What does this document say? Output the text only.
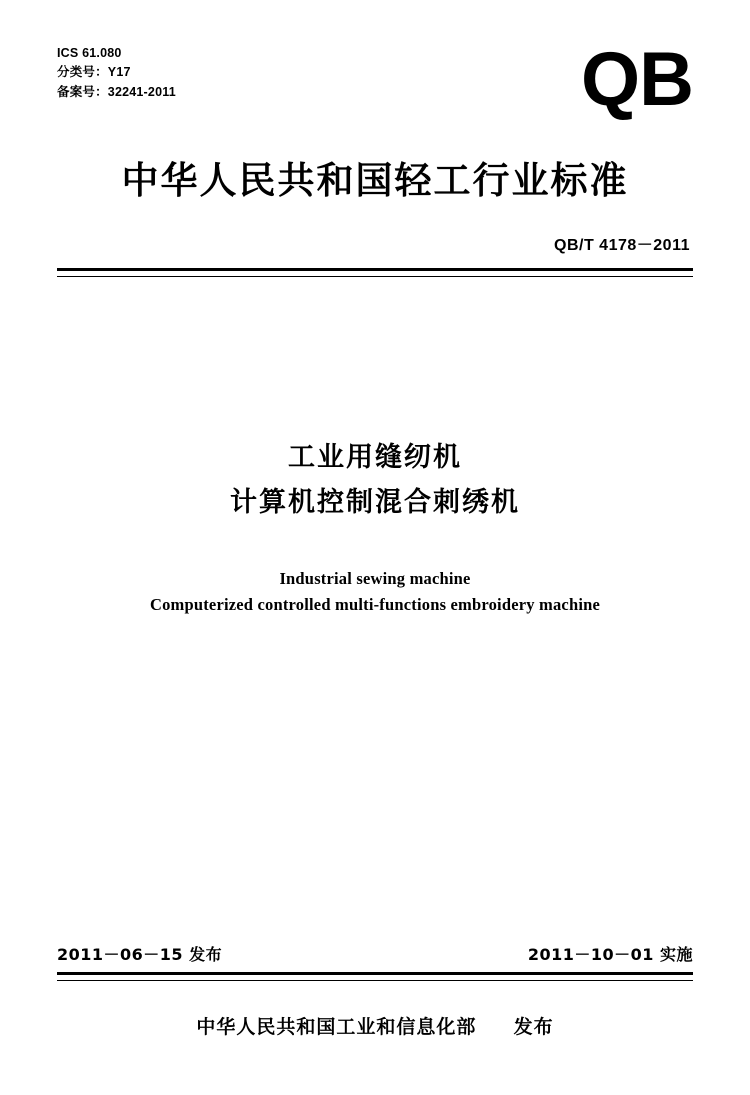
ICS 61.080
分类号：Y17
备案号：32241-2011	QB
中华人民共和国轻工行业标准
QB/T 4178－2011
工业用缝纫机
计算机控制混合刺绣机
Industrial sewing machine
Computerized controlled multi-functions embroidery machine
2011－06－15 发布	2011－10－01 实施
中华人民共和国工业和信息化部 发布
